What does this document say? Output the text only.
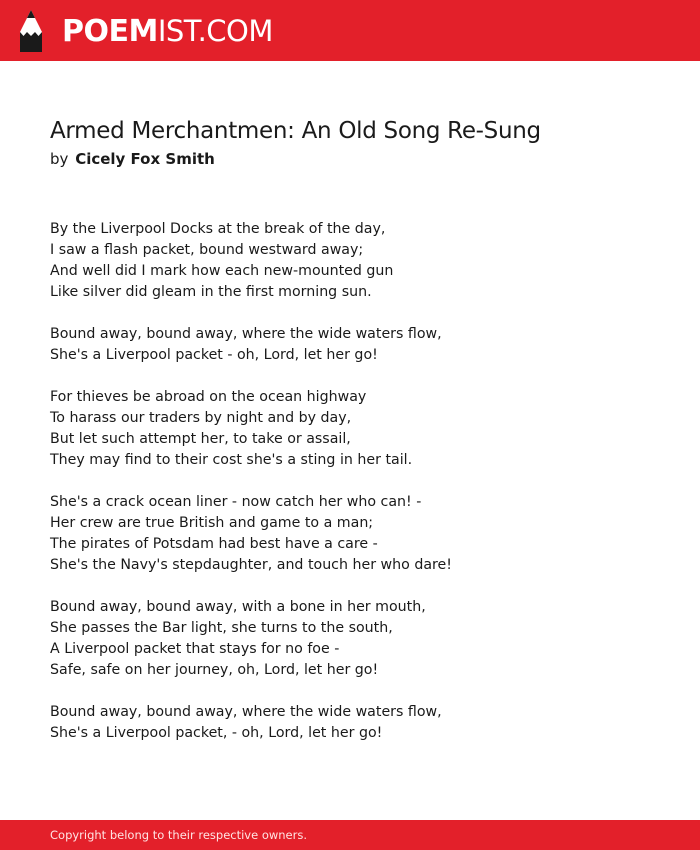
POEMIST.COM
Armed Merchantmen: An Old Song Re-Sung
by Cicely Fox Smith
By the Liverpool Docks at the break of the day,
I saw a flash packet, bound westward away;
And well did I mark how each new-mounted gun
Like silver did gleam in the first morning sun.
Bound away, bound away, where the wide waters flow,
She's a Liverpool packet - oh, Lord, let her go!
For thieves be abroad on the ocean highway
To harass our traders by night and by day,
But let such attempt her, to take or assail,
They may find to their cost she's a sting in her tail.
She's a crack ocean liner - now catch her who can! -
Her crew are true British and game to a man;
The pirates of Potsdam had best have a care -
She's the Navy's stepdaughter, and touch her who dare!
Bound away, bound away, with a bone in her mouth,
She passes the Bar light, she turns to the south,
A Liverpool packet that stays for no foe -
Safe, safe on her journey, oh, Lord, let her go!
Bound away, bound away, where the wide waters flow,
She's a Liverpool packet, - oh, Lord, let her go!
Copyright belong to their respective owners.
